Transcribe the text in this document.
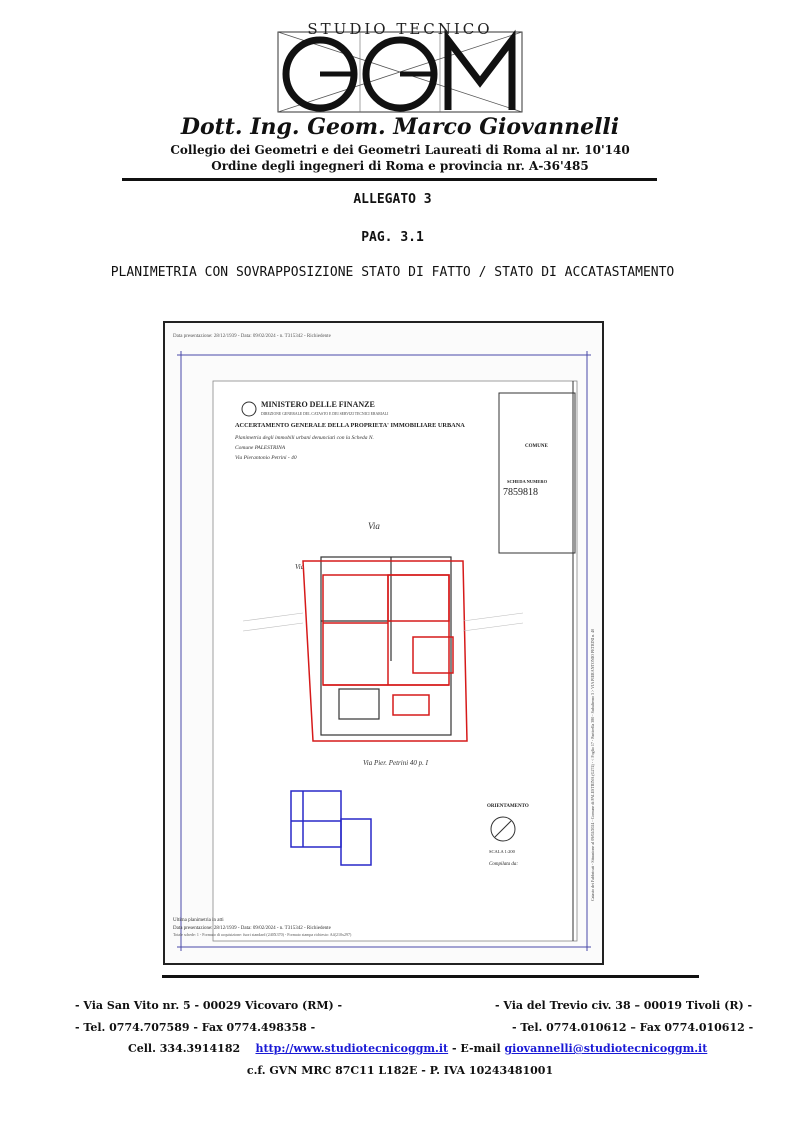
STUDIO TECNICO
Dott. Ing. Geom. Marco Giovannelli
Collegio dei Geometri e dei Geometri Laureati di Roma al nr. 10'140
Ordine degli ingegneri di Roma e provincia nr. A-36'485
ALLEGATO 3
PAG. 3.1
PLANIMETRIA CON SOVRAPPOSIZIONE STATO DI FATTO / STATO DI ACCATASTAMENTO
Data presentazione: 28/12/1939 - Data: 09/02/2024 - n. T315342 - Richiedente
MINISTERO DELLE FINANZE
DIREZIONE GENERALE DEL CATASTO E DEI SERVIZI TECNICI ERARIALI
ACCERTAMENTO GENERALE DELLA PROPRIETA' IMMOBILIARE URBANA
Planimetria degli immobili urbani denunciati con la Scheda N.
Comune PALESTRINA
Via Pierantonio Petrini - 40
COMUNE
SCHEDA NUMERO
7859818
Catasto dei Fabbricati - Situazione al 09/02/2024 - Comune di PALESTRINA (G274) - < Foglio 17 - Particella 380 - Subalterno 3 > VIA PIERANTONIO PETRINI n. 40
Via
Via
Via Pier. Petrini 40 p. I
ORIENTAMENTO
SCALA 1:200
Compilata da:
Ultima planimetria in atti
Data presentazione: 28/12/1939 - Data: 09/02/2024 - n. T315342 - Richiedente
Totale schede: 1 - Formato di acquisizione: fuori standard (240X370) - Formato stampa richiesto: A4(210x297)
- Via San Vito nr. 5 - 00029 Vicovaro (RM) -	- Via del Trevio civ. 38 – 00019 Tivoli (R) -
- Tel. 0774.707589 - Fax 0774.498358 -	- Tel. 0774.010612 – Fax 0774.010612 -
Cell. 334.3914182 http://www.studiotecnicoggm.it - E-mail giovannelli@studiotecnicoggm.it
c.f. GVN MRC 87C11 L182E - P. IVA 10243481001
